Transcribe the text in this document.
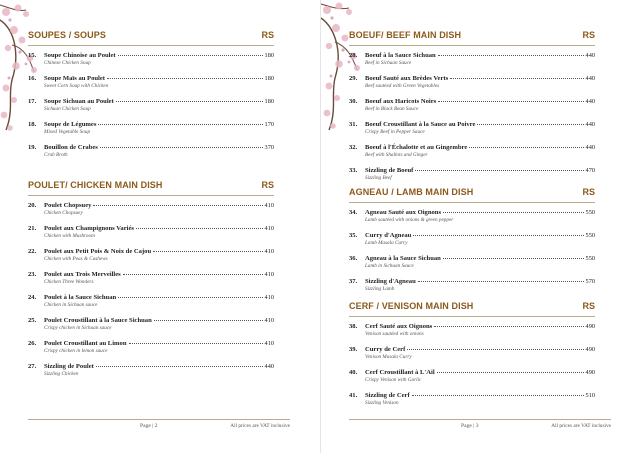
SOUPES / SOUPS	RS
15.	Soupe Chinoise au Poulet	180
Chinese Chicken Soup
16.	Soupe Maïs au Poulet	180
Sweet Corn Soup with Chicken
17.	Soupe Sichuan au Poulet	180
Sichuan Chicken Soup
18.	Soupe de Légumes	170
Mixed Vegetable Soup
19.	Bouillon de Crabes	370
Crab Broth
POULET/ CHICKEN MAIN DISH	RS
20.	Poulet Chopsuey	410
Chicken Chopsuey
21.	Poulet aux Champignons Variés	410
Chicken with Mushroom
22.	Poulet aux Petit Pois & Noix de Cajou	410
Chicken with Peas & Cashews
23.	Poulet aux Trois Merveilles	410
Chicken Three Wonders
24.	Poulet à la Sauce Sichuan	410
Chicken in Sichuan sauce
25.	Poulet Croustillant à la Sauce Sichuan	410
Crispy chicken in Sichuan sauce
26.	Poulet Croustillant au Limon	410
Crispy chicken in lemon sauce
27.	Sizzling de Poulet	440
Sizzling Chicken
Page | 2	All prices are VAT inclusive
BOEUF/ BEEF MAIN DISH	RS
28.	Boeuf à la Sauce Sichuan	440
Beef in Sichuan Sauce
29.	Boeuf Sauté aux Brèdes Verts	440
Beef sautéed with Green Vegetables
30.	Boeuf aux Haricots Noirs	440
Beef in Black Bean Sauce
31.	Boeuf Croustillant à la Sauce au Poivre	440
Crispy Beef in Pepper Sauce
32.	Boeuf à l'Échalotte et au Gingembre	440
Beef with Shallots and Ginger
33.	Sizzling de Boeuf	470
Sizzling Beef
AGNEAU / LAMB MAIN DISH	RS
34.	Agneau Sauté aux Oignons	550
Lamb sautéed with onions & green pepper
35.	Curry d'Agneau	550
Lamb Masala Curry
36.	Agneau à la Sauce Sichuan	550
Lamb in Sichuan Sauce
37.	Sizzling d'Agneau	570
Sizzling Lamb
CERF / VENISON MAIN DISH	RS
38.	Cerf Sauté aux Oignons	490
Venison sautéed with onions
39.	Curry de Cerf	490
Venison Masala Curry
40.	Cerf Croustillant à L'Ail	490
Crispy Venison with Garlic
41.	Sizzling de Cerf	510
Sizzling Venison
Page | 3	All prices are VAT inclusive
